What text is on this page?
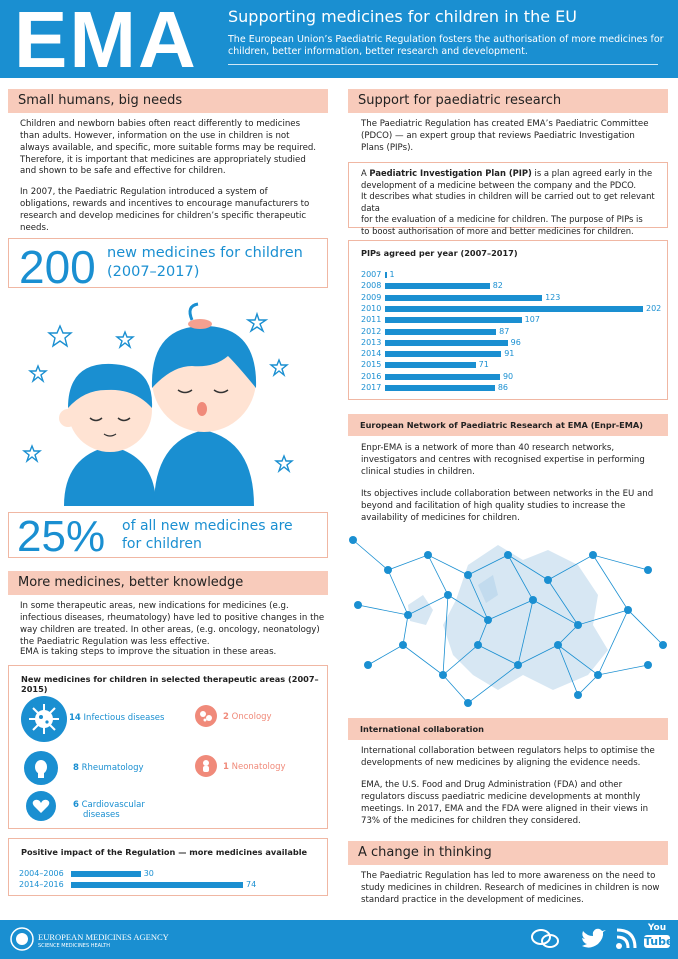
EMA Supporting medicines for children in the EU
The European Union’s Paediatric Regulation fosters the authorisation of more medicines for children, better information, better research and development.
Small humans, big needs
Children and newborn babies often react differently to medicines than adults. However, information on the use in children is not always available, and specific, more suitable forms may be required. Therefore, it is important that medicines are appropriately studied and shown to be safe and effective for children.
In 2007, the Paediatric Regulation introduced a system of obligations, rewards and incentives to encourage manufacturers to research and develop medicines for children’s specific therapeutic needs.
200 new medicines for children
(2007–2017)
25% of all new medicines are
for children
More medicines, better knowledge
In some therapeutic areas, new indications for medicines (e.g. infectious diseases, rheumatology) have led to positive changes in the way children are treated. In other areas, (e.g. oncology, neonatology) the Paediatric Regulation was less effective.
EMA is taking steps to improve the situation in these areas.
New medicines for children in selected therapeutic areas (2007–2015)
14 Infectious diseases	2 Oncology
8 Rheumatology	1 Neonatology
6 Cardiovascular
diseases
Positive impact of the Regulation — more medicines available
2004–2006	30
2014–2016	74
Support for paediatric research
The Paediatric Regulation has created EMA’s Paediatric Committee
(PDCO) — an expert group that reviews Paediatric Investigation
Plans (PIPs).
A Paediatric Investigation Plan (PIP) is a plan agreed early in the
development of a medicine between the company and the PDCO.
It describes what studies in children will be carried out to get relevant data
for the evaluation of a medicine for children. The purpose of PIPs is
to boost authorisation of more and better medicines for children.
PIPs agreed per year (2007–2017)
2007 1
2008	82
2009	123
2010	202
2011	107
2012	87
2013	96
2014	91
2015	71
2016	90
2017	86
European Network of Paediatric Research at EMA (Enpr-EMA)
Enpr-EMA is a network of more than 40 research networks, investigators and centres with recognised expertise in performing clinical studies in children.
Its objectives include collaboration between networks in the EU and beyond and facilitation of high quality studies to increase the availability of medicines for children.
International collaboration
International collaboration between regulators helps to optimise the developments of new medicines by aligning the evidence needs.
EMA, the U.S. Food and Drug Administration (FDA) and other regulators discuss paediatric medicine developments at monthly meetings. In 2017, EMA and the FDA were aligned in their views in 73% of the medicines for children they considered.
A change in thinking
The Paediatric Regulation has led to more awareness on the need to study medicines in children. Research of medicines in children is now standard practice in the development of medicines.
EUROPEAN MEDICINES AGENCY
SCIENCE MEDICINES HEALTH
You
Tube
